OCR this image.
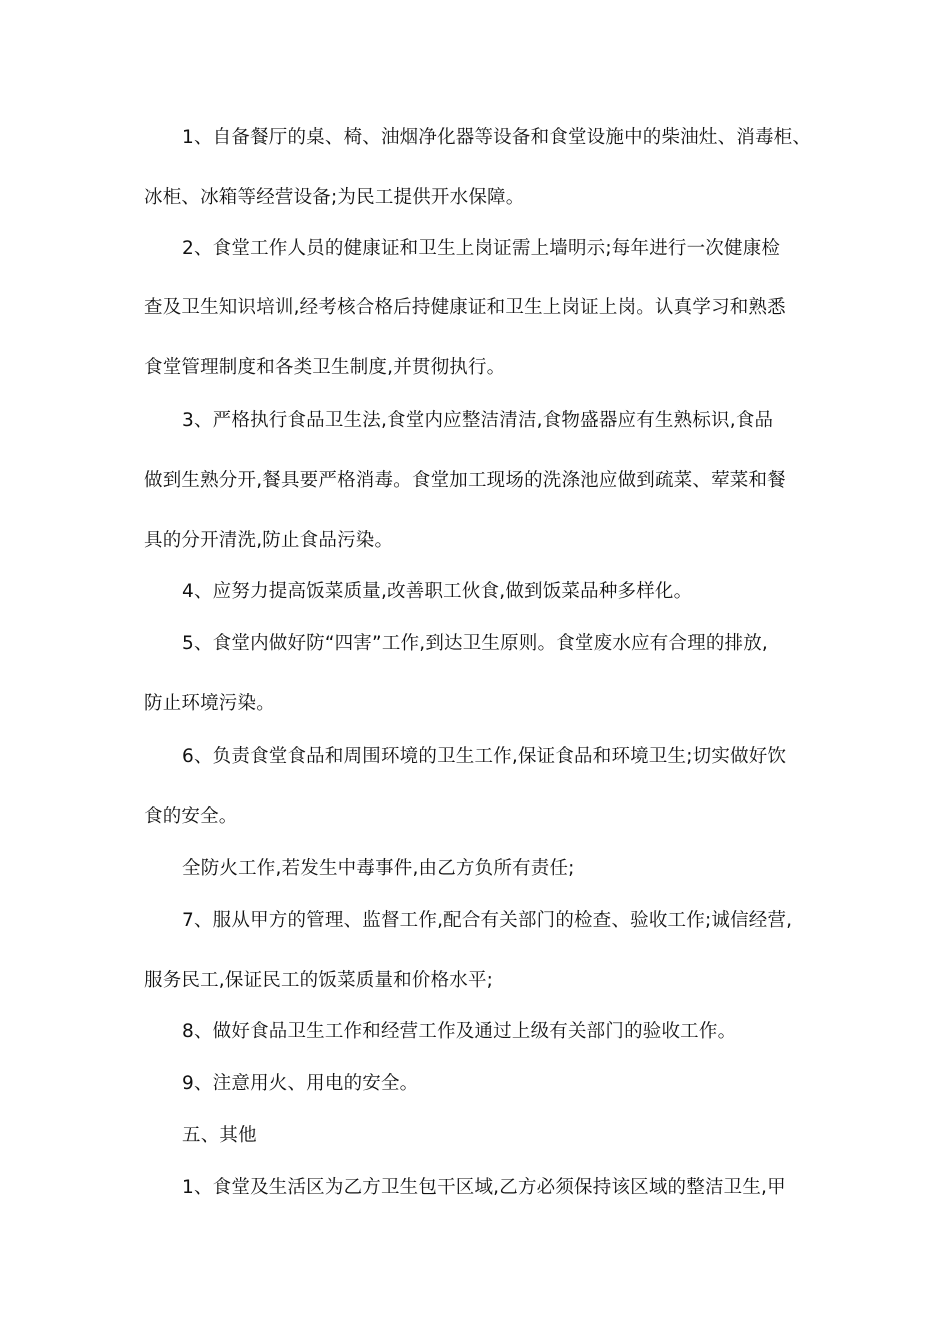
1、自备餐厅的桌、椅、油烟净化器等设备和食堂设施中的柴油灶、消毒柜、
冰柜、冰箱等经营设备;为民工提供开水保障。
2、食堂工作人员的健康证和卫生上岗证需上墙明示;每年进行一次健康检
查及卫生知识培训,经考核合格后持健康证和卫生上岗证上岗。认真学习和熟悉
食堂管理制度和各类卫生制度,并贯彻执行。
3、严格执行食品卫生法,食堂内应整洁清洁,食物盛器应有生熟标识,食品
做到生熟分开,餐具要严格消毒。食堂加工现场的洗涤池应做到疏菜、荤菜和餐
具的分开清洗,防止食品污染。
4、应努力提高饭菜质量,改善职工伙食,做到饭菜品种多样化。
5、食堂内做好防“四害”工作,到达卫生原则。食堂废水应有合理的排放,
防止环境污染。
6、负责食堂食品和周围环境的卫生工作,保证食品和环境卫生;切实做好饮
食的安全。
全防火工作,若发生中毒事件,由乙方负所有责任;
7、服从甲方的管理、监督工作,配合有关部门的检查、验收工作;诚信经营,
服务民工,保证民工的饭菜质量和价格水平;
8、做好食品卫生工作和经营工作及通过上级有关部门的验收工作。
9、注意用火、用电的安全。
五、其他
1、食堂及生活区为乙方卫生包干区域,乙方必须保持该区域的整洁卫生,甲
